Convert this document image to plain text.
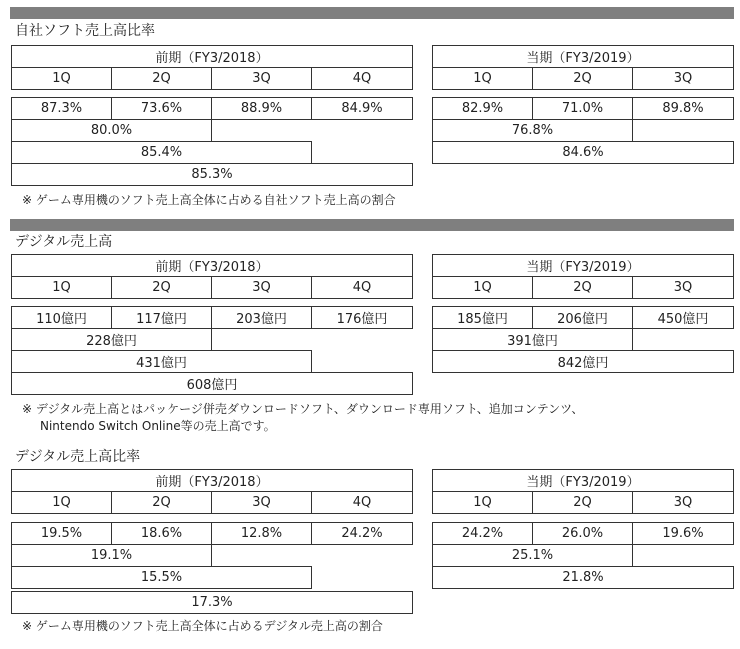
自社ソフト売上高比率
前期（FY3/2018）
1Q	2Q	3Q	4Q
87.3%	73.6%	88.9%	84.9%
80.0%
85.4%
85.3%
当期（FY3/2019）
1Q	2Q	3Q
82.9%	71.0%	89.8%
76.8%
84.6%
※ ゲーム専用機のソフト売上高全体に占める自社ソフト売上高の割合
デジタル売上高
前期（FY3/2018）
1Q	2Q	3Q	4Q
110億円	117億円	203億円	176億円
228億円
431億円
608億円
当期（FY3/2019）
1Q	2Q	3Q
185億円	206億円	450億円
391億円
842億円
※ デジタル売上高とはパッケージ併売ダウンロードソフト、ダウンロード専用ソフト、追加コンテンツ、
Nintendo Switch Online等の売上高です。
デジタル売上高比率
前期（FY3/2018）
1Q	2Q	3Q	4Q
19.5%	18.6%	12.8%	24.2%
19.1%
15.5%
17.3%
当期（FY3/2019）
1Q	2Q	3Q
24.2%	26.0%	19.6%
25.1%
21.8%
※ ゲーム専用機のソフト売上高全体に占めるデジタル売上高の割合
